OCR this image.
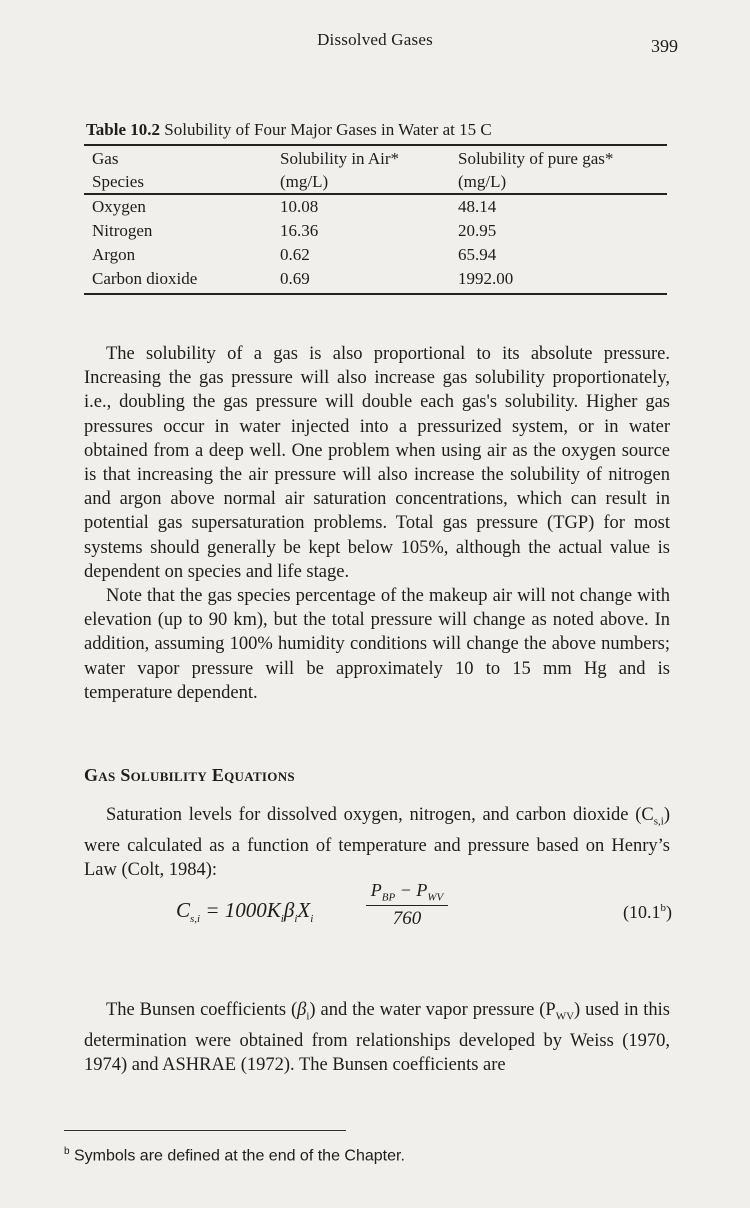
Dissolved Gases	399
Table 10.2 Solubility of Four Major Gases in Water at 15 C
Gas	Solubility in Air*	Solubility of pure gas*
Species	(mg/L)	(mg/L)
Oxygen	10.08	48.14
Nitrogen	16.36	20.95
Argon	0.62	65.94
Carbon dioxide	0.69	1992.00

The solubility of a gas is also proportional to its absolute pressure. Increasing the gas pressure will also increase gas solubility proportionately, i.e., doubling the gas pressure will double each gas's solubility. Higher gas pressures occur in water injected into a pressurized system, or in water obtained from a deep well. One problem when using air as the oxygen source is that increasing the air pressure will also increase the solubility of nitrogen and argon above normal air saturation concentrations, which can result in potential gas supersaturation problems. Total gas pressure (TGP) for most systems should generally be kept below 105%, although the actual value is dependent on species and life stage.

Note that the gas species percentage of the makeup air will not change with elevation (up to 90 km), but the total pressure will change as noted above. In addition, assuming 100% humidity conditions will change the above numbers; water vapor pressure will be approximately 10 to 15 mm Hg and is temperature dependent.

Gas Solubility Equations

Saturation levels for dissolved oxygen, nitrogen, and carbon dioxide $(C_{s,i})$ were calculated as a function of temperature and pressure based on Henry’s Law (Colt, 1984):

$C_{s,i} = 1000K_i\beta_iX_i$
$P_{BP} - P_{WV}$
760	(10.1$^b$)

The Bunsen coefficients $(\beta_i)$ and the water vapor pressure $(P_{WV})$ used in this determination were obtained from relationships developed by Weiss (1970, 1974) and ASHRAE (1972). The Bunsen coefficients are

$^b$ Symbols are defined at the end of the Chapter.
